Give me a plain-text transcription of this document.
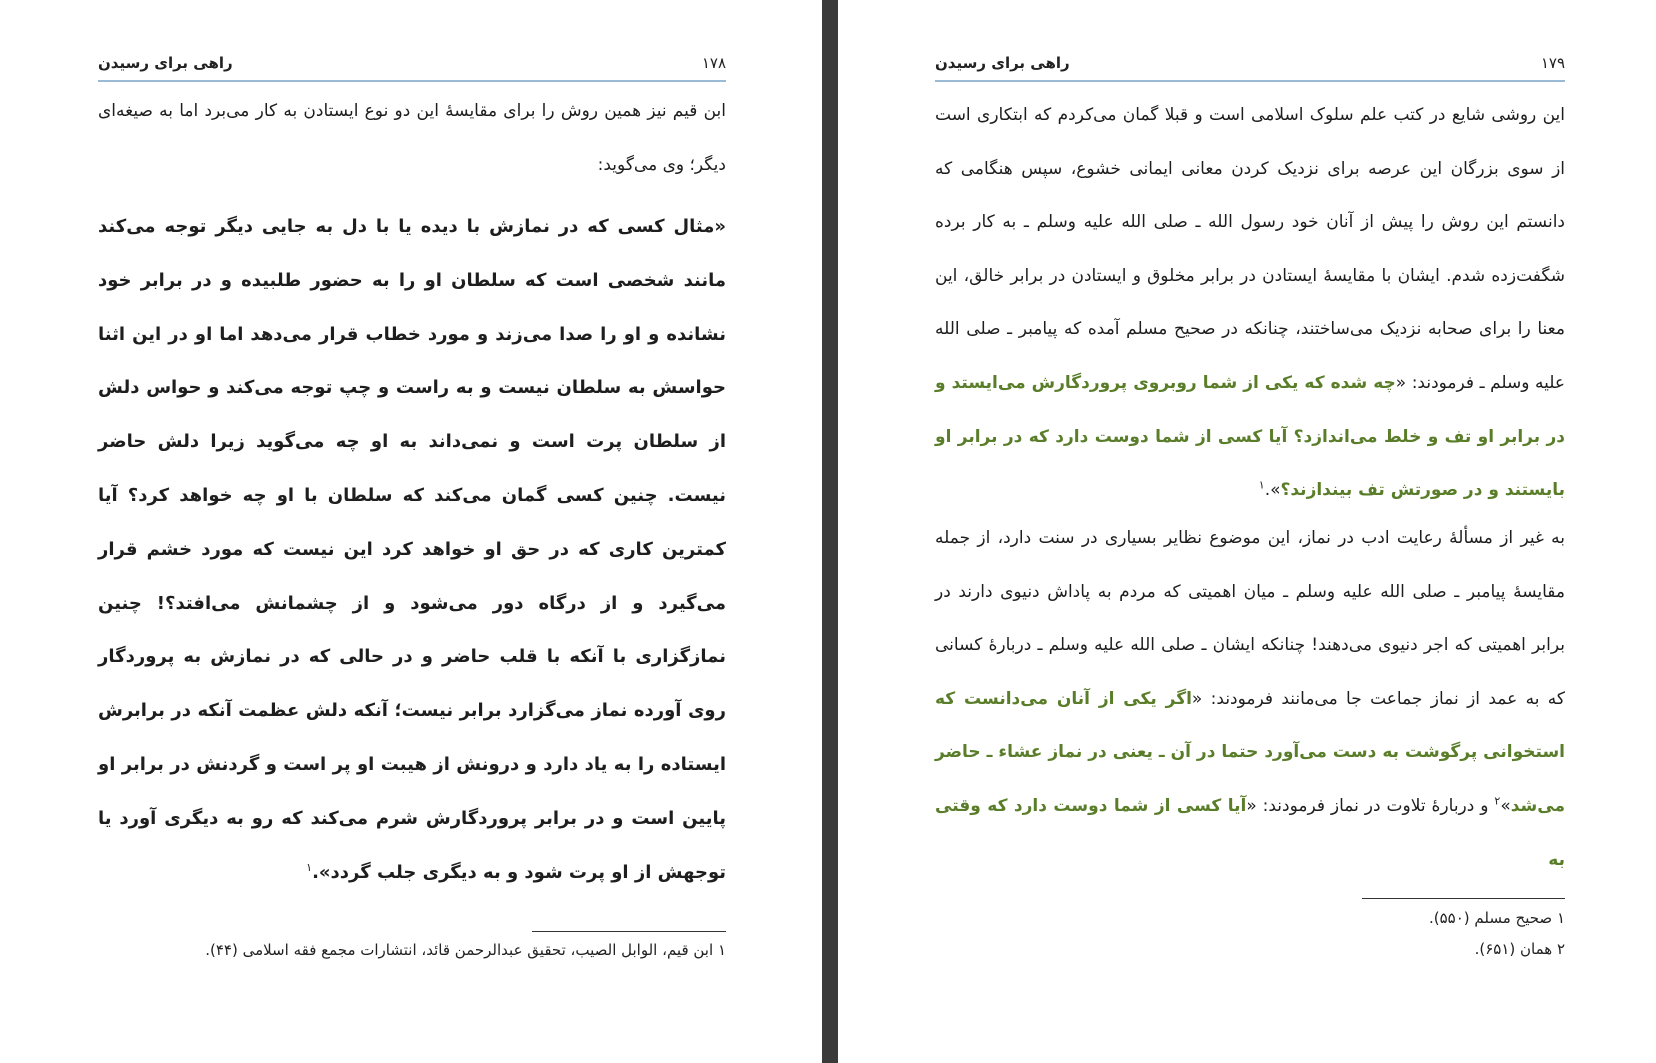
۱۷۸
راهی برای رسیدن

ابن قیم نیز همین روش را برای مقایسهٔ این دو نوع ایستادن به کار می‌برد اما به صیغه‌ای دیگر؛ وی می‌گوید:

«مثال کسی که در نمازش با دیده یا با دل به جایی دیگر توجه می‌کند مانند شخصی است که سلطان او را به حضور طلبیده و در برابر خود نشانده و او را صدا می‌زند و مورد خطاب قرار می‌دهد اما او در این اثنا حواسش به سلطان نیست و به راست و چپ توجه می‌کند و حواس دلش از سلطان پرت است و نمی‌داند به او چه می‌گوید زیرا دلش حاضر نیست. چنین کسی گمان می‌کند که سلطان با او چه خواهد کرد؟ آیا کمترین کاری که در حق او خواهد کرد این نیست که مورد خشم قرار می‌گیرد و از درگاه دور می‌شود و از چشمانش می‌افتد؟! چنین نمازگزاری با آنکه با قلب حاضر و در حالی که در نمازش به پروردگار روی آورده نماز می‌گزارد برابر نیست؛ آنکه دلش عظمت آنکه در برابرش ایستاده را به یاد دارد و درونش از هیبت او پر است و گردنش در برابر او پایین است و در برابر پروردگارش شرم می‌کند که رو به دیگری آورد یا توجهش از او پرت شود و به دیگری جلب گردد».$^۱$

۱ ابن قیم، الوابل الصیب، تحقیق عبدالرحمن قائد، انتشارات مجمع فقه اسلامی (۴۴).
۱۷۹
راهی برای رسیدن

این روشی شایع در کتب علم سلوک اسلامی است و قبلا گمان می‌کردم که ابتکاری است از سوی بزرگان این عرصه برای نزدیک کردن معانی ایمانی خشوع، سپس هنگامی که دانستم این روش را پیش از آنان خود رسول الله ـ صلی الله علیه وسلم ـ به کار برده شگفت‌زده شدم. ایشان با مقایسهٔ ایستادن در برابر مخلوق و ایستادن در برابر خالق، این معنا را برای صحابه نزدیک می‌ساختند، چنانکه در صحیح مسلم آمده که پیامبر ـ صلی الله علیه وسلم ـ فرمودند: «چه شده که یکی از شما روبروی پروردگارش می‌ایستد و در برابر او تف و خلط می‌اندازد؟ آیا کسی از شما دوست دارد که در برابر او بایستند و در صورتش تف بیندازند؟».$^۱$

به غیر از مسألهٔ رعایت ادب در نماز، این موضوع نظایر بسیاری در سنت دارد، از جمله مقایسهٔ پیامبر ـ صلی الله علیه وسلم ـ میان اهمیتی که مردم به پاداش دنیوی دارند در برابر اهمیتی که اجر دنیوی می‌دهند! چنانکه ایشان ـ صلی الله علیه وسلم ـ دربارهٔ کسانی که به عمد از نماز جماعت جا می‌مانند فرمودند: «اگر یکی از آنان می‌دانست که استخوانی پرگوشت به دست می‌آورد حتما در آن ـ یعنی در نماز عشاء ـ حاضر می‌شد»$^۲$ و دربارهٔ تلاوت در نماز فرمودند: «آیا کسی از شما دوست دارد که وقتی به

۱ صحیح مسلم (۵۵۰).
۲ همان (۶۵۱).
